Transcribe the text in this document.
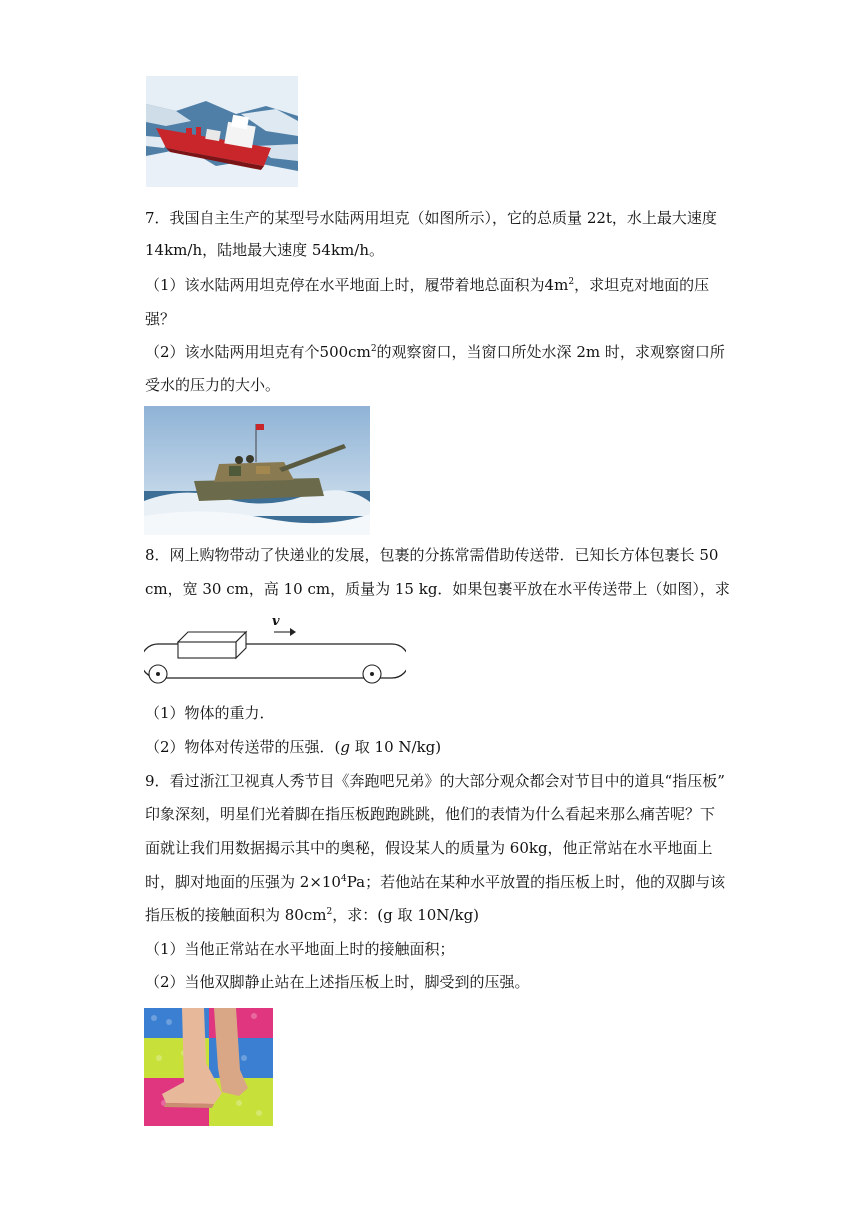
7．我国自主生产的某型号水陆两用坦克（如图所示），它的总质量 22t，水上最大速度
14km/h，陆地最大速度 54km/h。
（1）该水陆两用坦克停在水平地面上时，履带着地总面积为$4m^2$，求坦克对地面的压
强？
（2）该水陆两用坦克有个$500cm^2$的观察窗口，当窗口所处水深 2m 时，求观察窗口所
受水的压力的大小。
8．网上购物带动了快递业的发展，包裹的分拣常需借助传送带．已知长方体包裹长 50
cm，宽 30 cm，高 10 cm，质量为 15 kg．如果包裹平放在水平传送带上（如图），求
v
（1）物体的重力．
（2）物体对传送带的压强．(g 取 10 N/kg)
9．看过浙江卫视真人秀节目《奔跑吧兄弟》的大部分观众都会对节目中的道具“指压板”
印象深刻，明星们光着脚在指压板跑跑跳跳，他们的表情为什么看起来那么痛苦呢？下
面就让我们用数据揭示其中的奥秘，假设某人的质量为 60kg，他正常站在水平地面上
时，脚对地面的压强为 $2\times 10^4Pa$；若他站在某种水平放置的指压板上时，他的双脚与该
指压板的接触面积为 $80cm^2$，求：(g 取 10N/kg)
（1）当他正常站在水平地面上时的接触面积；
（2）当他双脚静止站在上述指压板上时，脚受到的压强。
